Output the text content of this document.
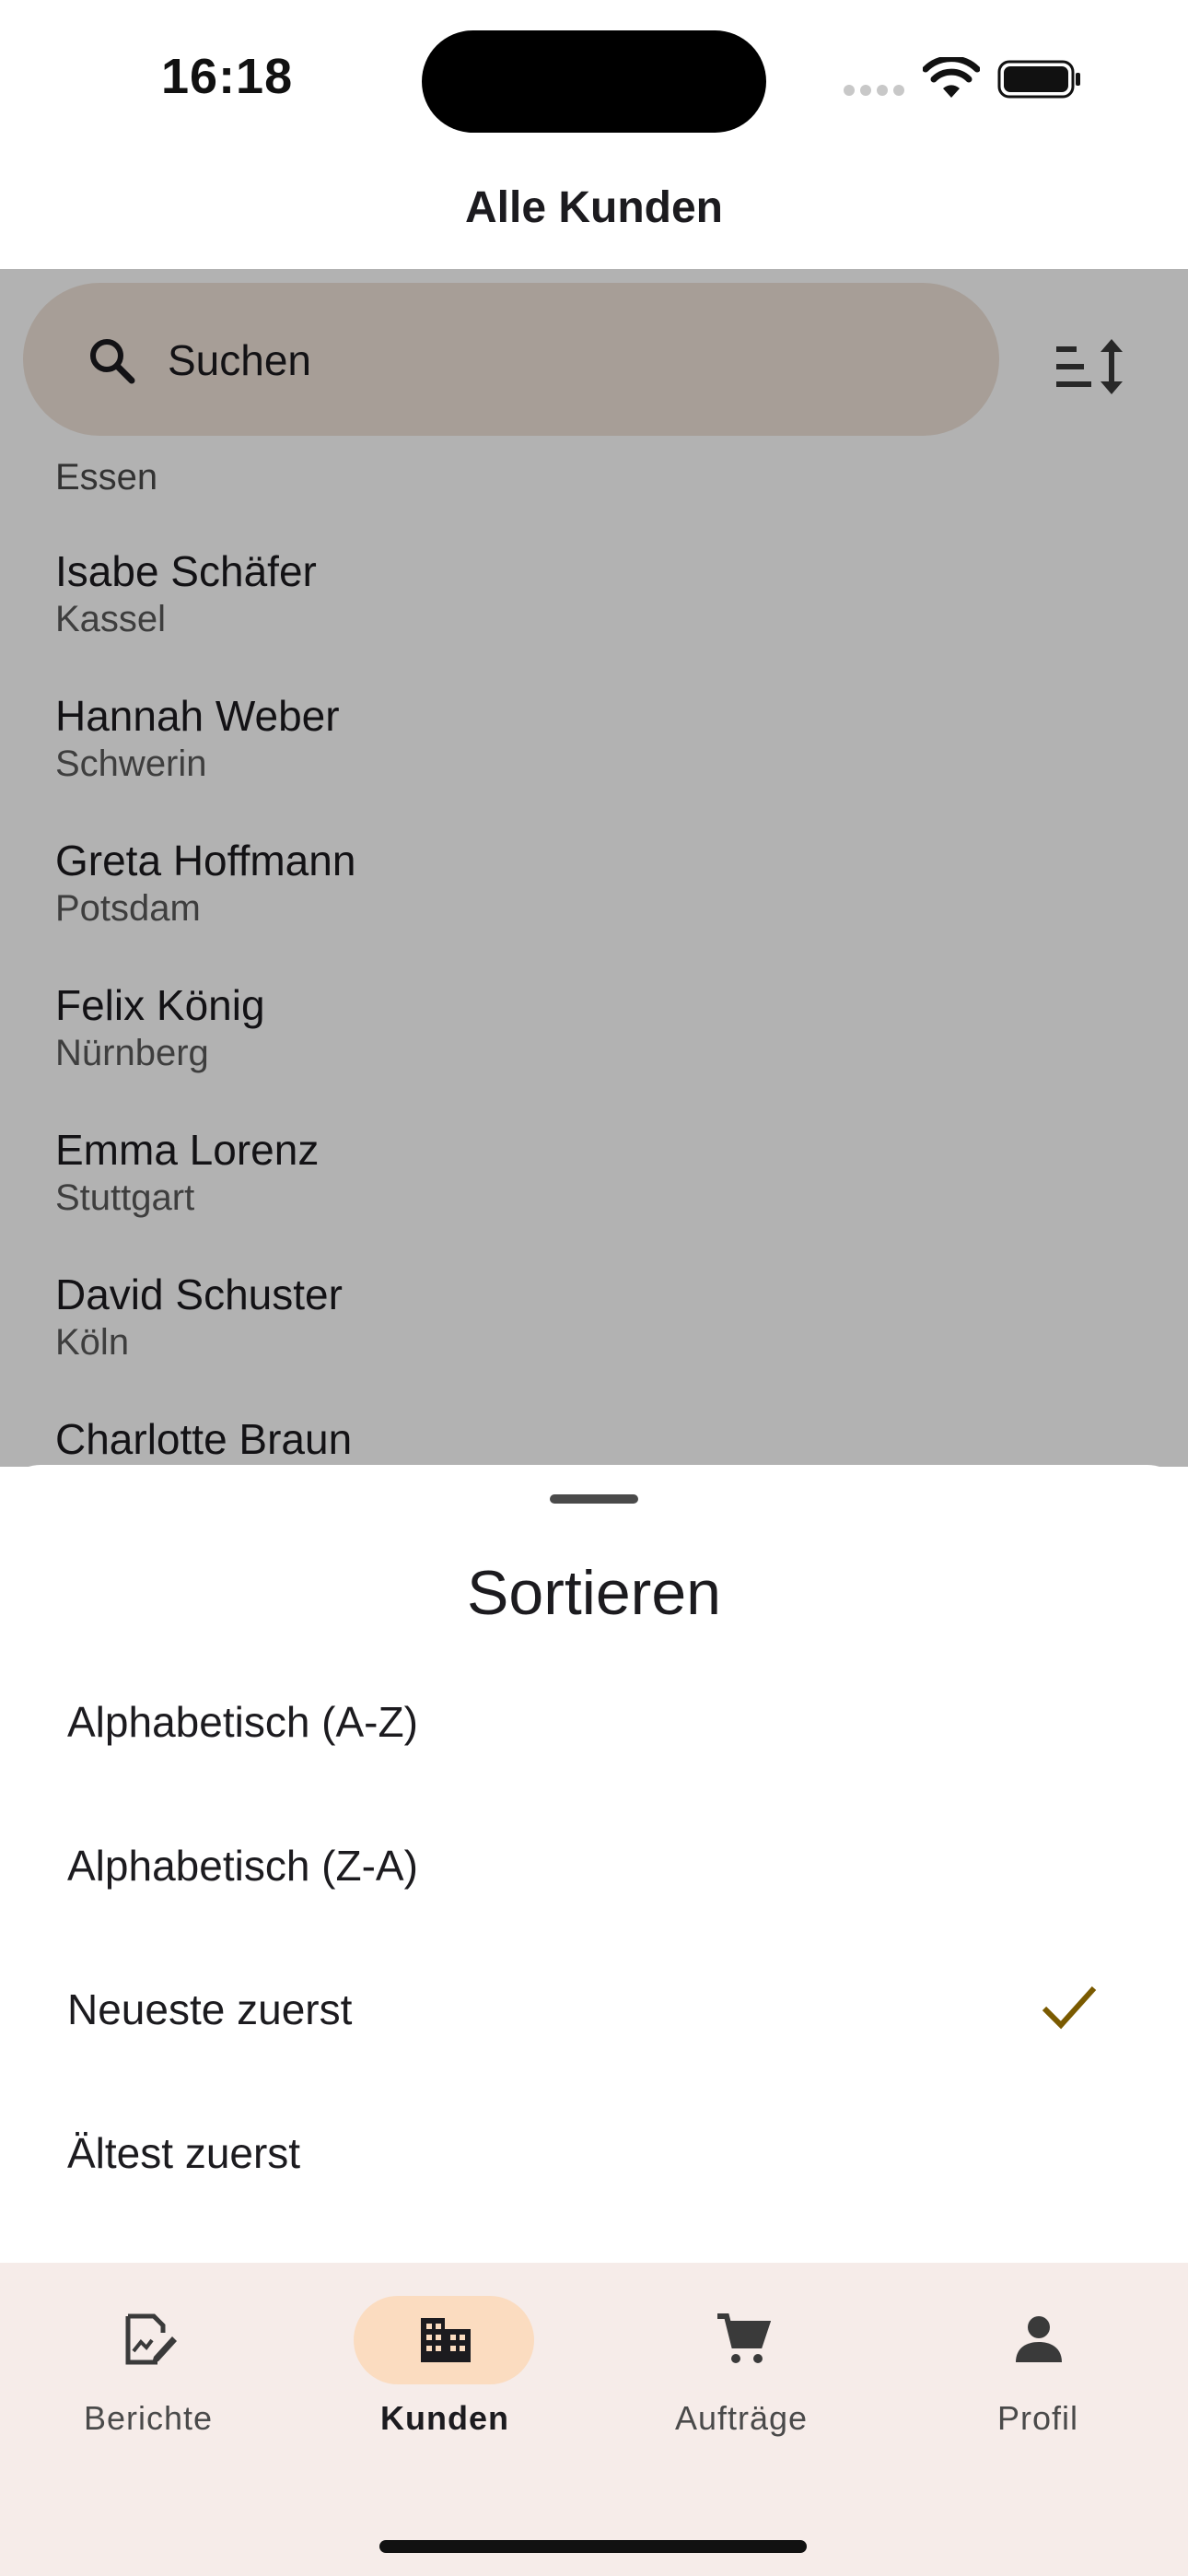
16:18
Alle Kunden
Suchen
Essen
Isabe Schäfer
Kassel
Hannah Weber
Schwerin
Greta Hoffmann
Potsdam
Felix König
Nürnberg
Emma Lorenz
Stuttgart
David Schuster
Köln
Charlotte Braun
Sortieren
Alphabetisch (A-Z)
Alphabetisch (Z-A)
Neueste zuerst
Ältest zuerst
Berichte	Kunden	Aufträge	Profil
